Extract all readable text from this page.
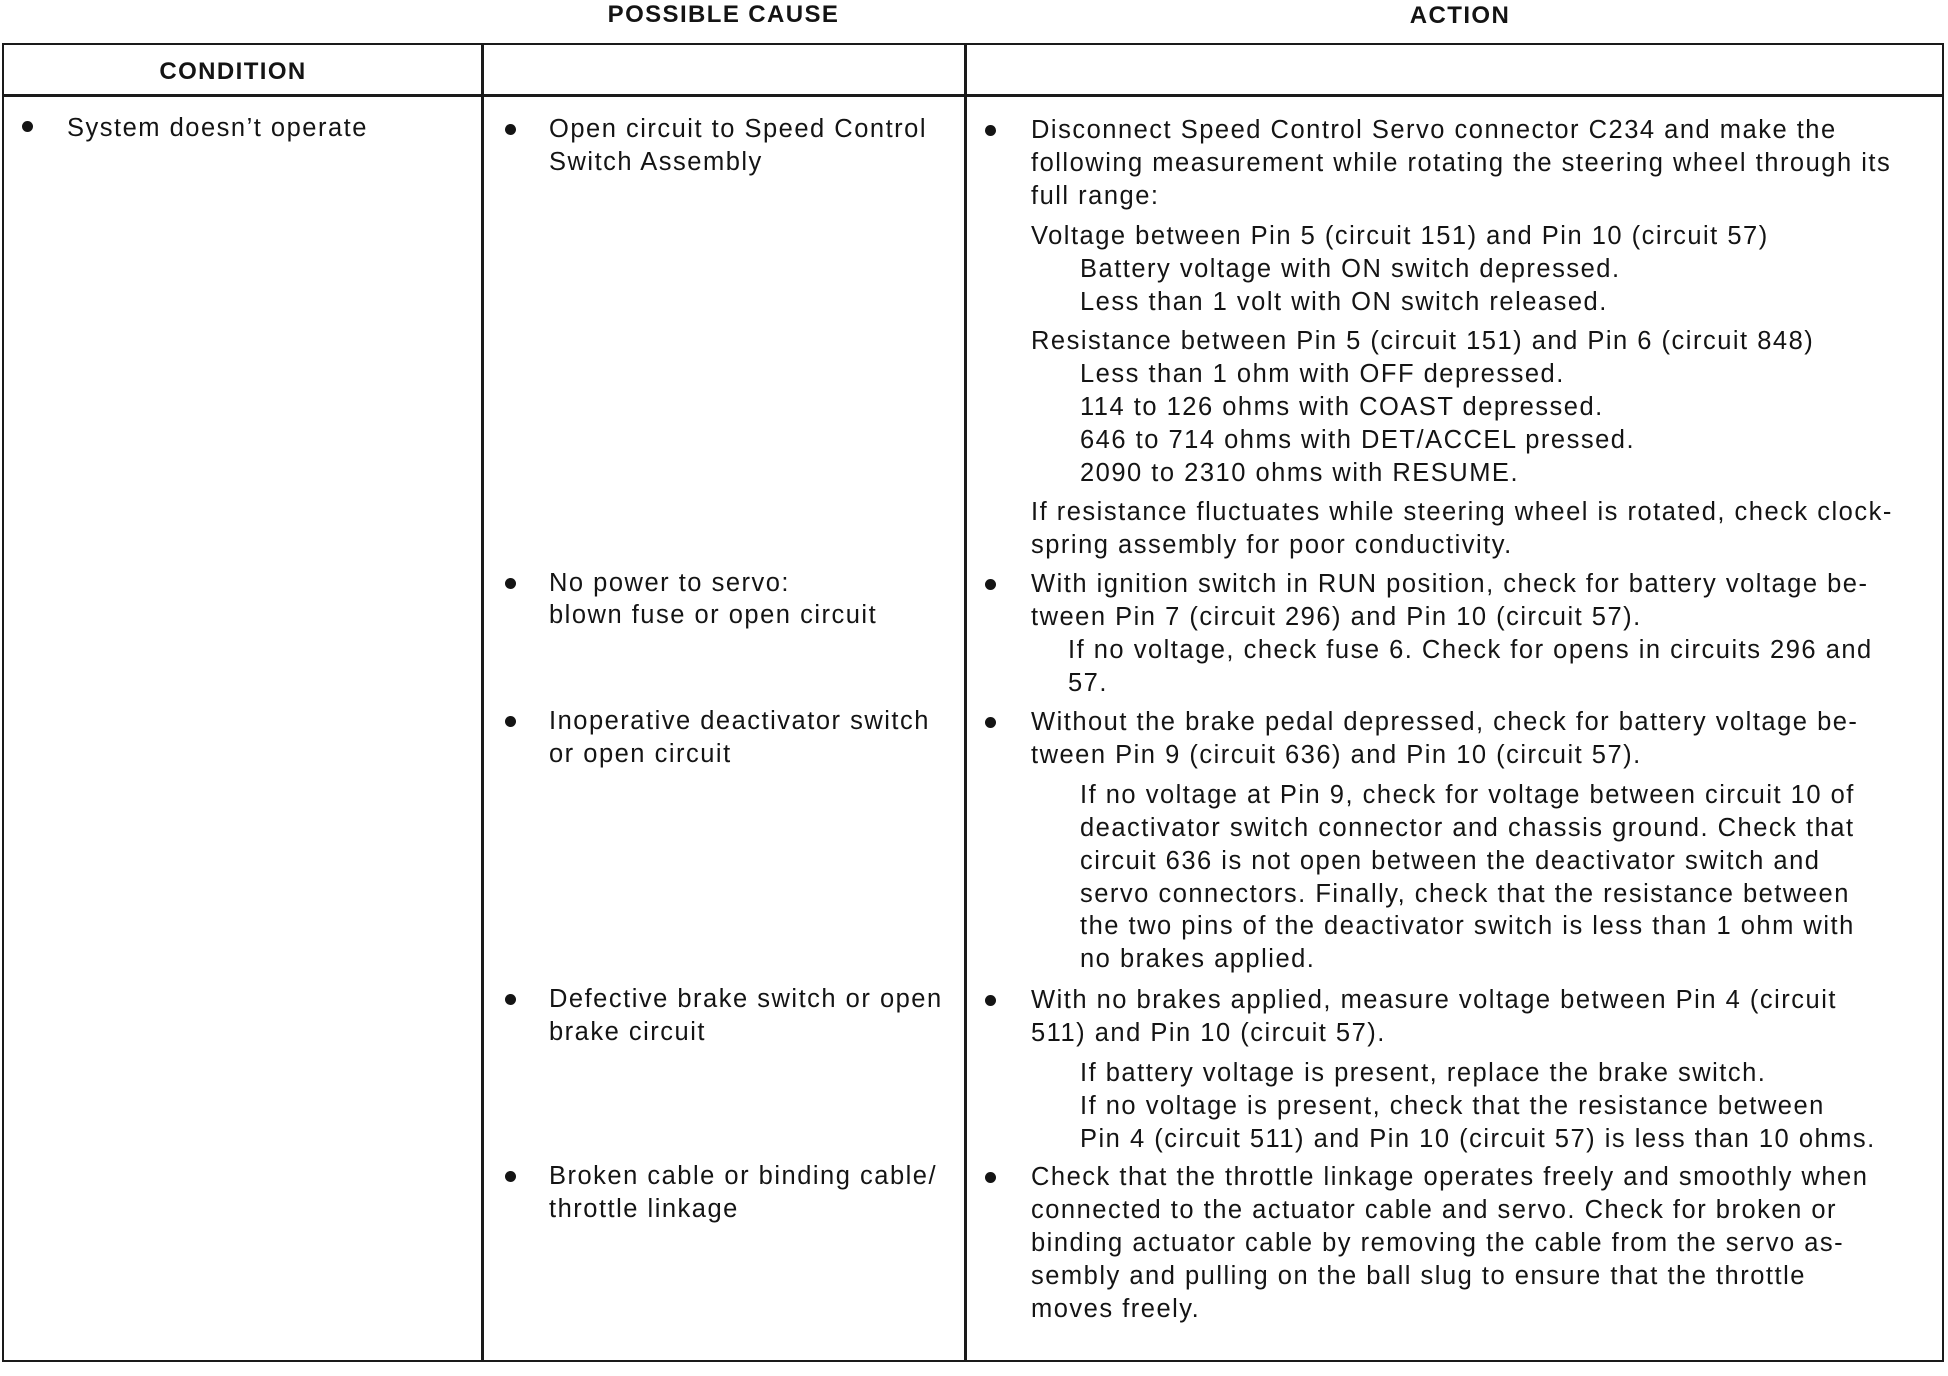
CONDITION
POSSIBLE CAUSE	ACTION
System doesn’t operate	Open circuit to Speed Control
Switch Assembly
Disconnect Speed Control Servo connector C234 and make the
following measurement while rotating the steering wheel through its
full range:
Voltage between Pin 5 (circuit 151) and Pin 10 (circuit 57)
Battery voltage with ON switch depressed.
Less than 1 volt with ON switch released.
Resistance between Pin 5 (circuit 151) and Pin 6 (circuit 848)
Less than 1 ohm with OFF depressed.
114 to 126 ohms with COAST depressed.
646 to 714 ohms with DET/ACCEL pressed.
2090 to 2310 ohms with RESUME.
If resistance fluctuates while steering wheel is rotated, check clock-
spring assembly for poor conductivity.
No power to servo:
blown fuse or open circuit
With ignition switch in RUN position, check for battery voltage be-
tween Pin 7 (circuit 296) and Pin 10 (circuit 57).
If no voltage, check fuse 6. Check for opens in circuits 296 and
57.
Inoperative deactivator switch
or open circuit
Without the brake pedal depressed, check for battery voltage be-
tween Pin 9 (circuit 636) and Pin 10 (circuit 57).
If no voltage at Pin 9, check for voltage between circuit 10 of
deactivator switch connector and chassis ground. Check that
circuit 636 is not open between the deactivator switch and
servo connectors. Finally, check that the resistance between
the two pins of the deactivator switch is less than 1 ohm with
no brakes applied.
Defective brake switch or open
brake circuit
With no brakes applied, measure voltage between Pin 4 (circuit
511) and Pin 10 (circuit 57).
If battery voltage is present, replace the brake switch.
If no voltage is present, check that the resistance between
Pin 4 (circuit 511) and Pin 10 (circuit 57) is less than 10 ohms.
Broken cable or binding cable/
throttle linkage
Check that the throttle linkage operates freely and smoothly when
connected to the actuator cable and servo. Check for broken or
binding actuator cable by removing the cable from the servo as-
sembly and pulling on the ball slug to ensure that the throttle
moves freely.
